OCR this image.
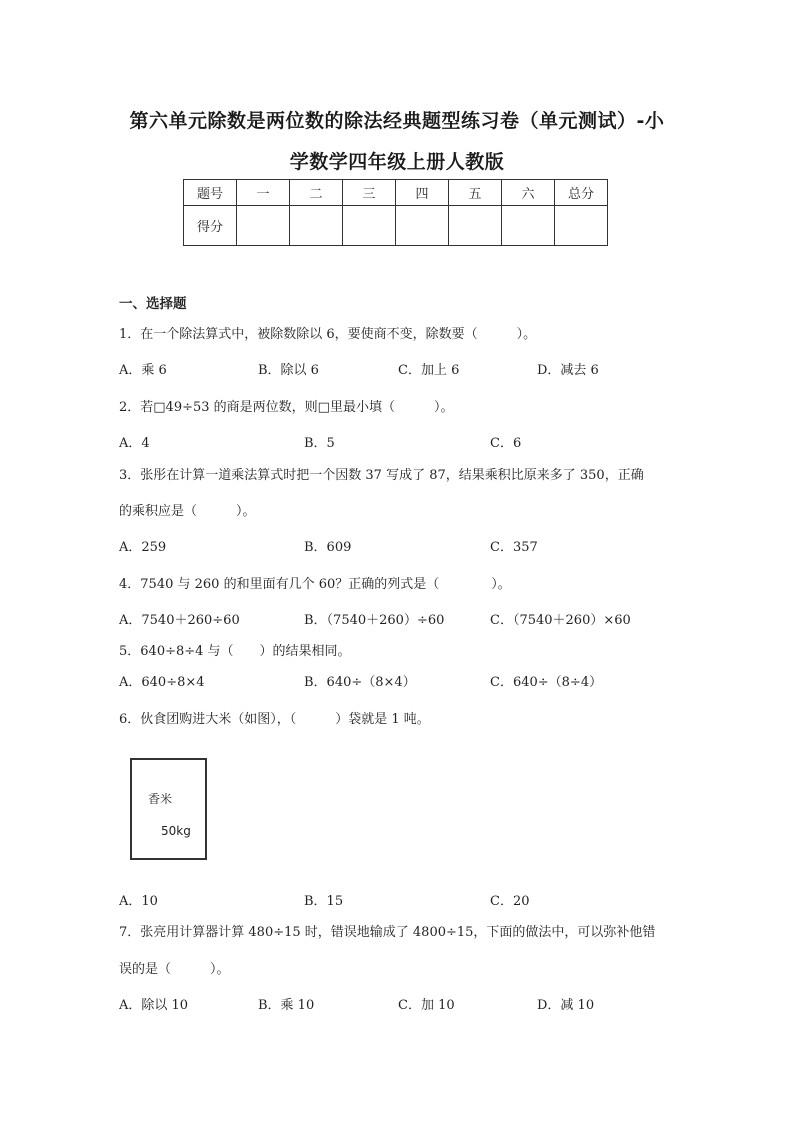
第六单元除数是两位数的除法经典题型练习卷（单元测试）-小
学数学四年级上册人教版
题号	一	二	三	四	五	六	总分
得分							
一、选择题
1．在一个除法算式中，被除数除以 6，要使商不变，除数要（　　　）。
A．乘 6	B．除以 6	C．加上 6	D．减去 6
2．若□49÷53 的商是两位数，则□里最小填（　　　）。
A．4	B．5	C．6
3．张彤在计算一道乘法算式时把一个因数 37 写成了 87，结果乘积比原来多了 350，正确
的乘积应是（　　　）。
A．259	B．609	C．357
4．7540 与 260 的和里面有几个 60？正确的列式是（　　　　）。
A．7540＋260÷60	B．（7540＋260）÷60	C．（7540＋260）×60
5．640÷8÷4 与（　　）的结果相同。
A．640÷8×4	B．640÷（8×4）	C．640÷（8÷4）
6．伙食团购进大米（如图），（　　　）袋就是 1 吨。
香米
50kg
A．10	B．15	C．20
7．张亮用计算器计算 480÷15 时，错误地输成了 4800÷15，下面的做法中，可以弥补他错
误的是（　　　）。
A．除以 10	B．乘 10	C．加 10	D．减 10
